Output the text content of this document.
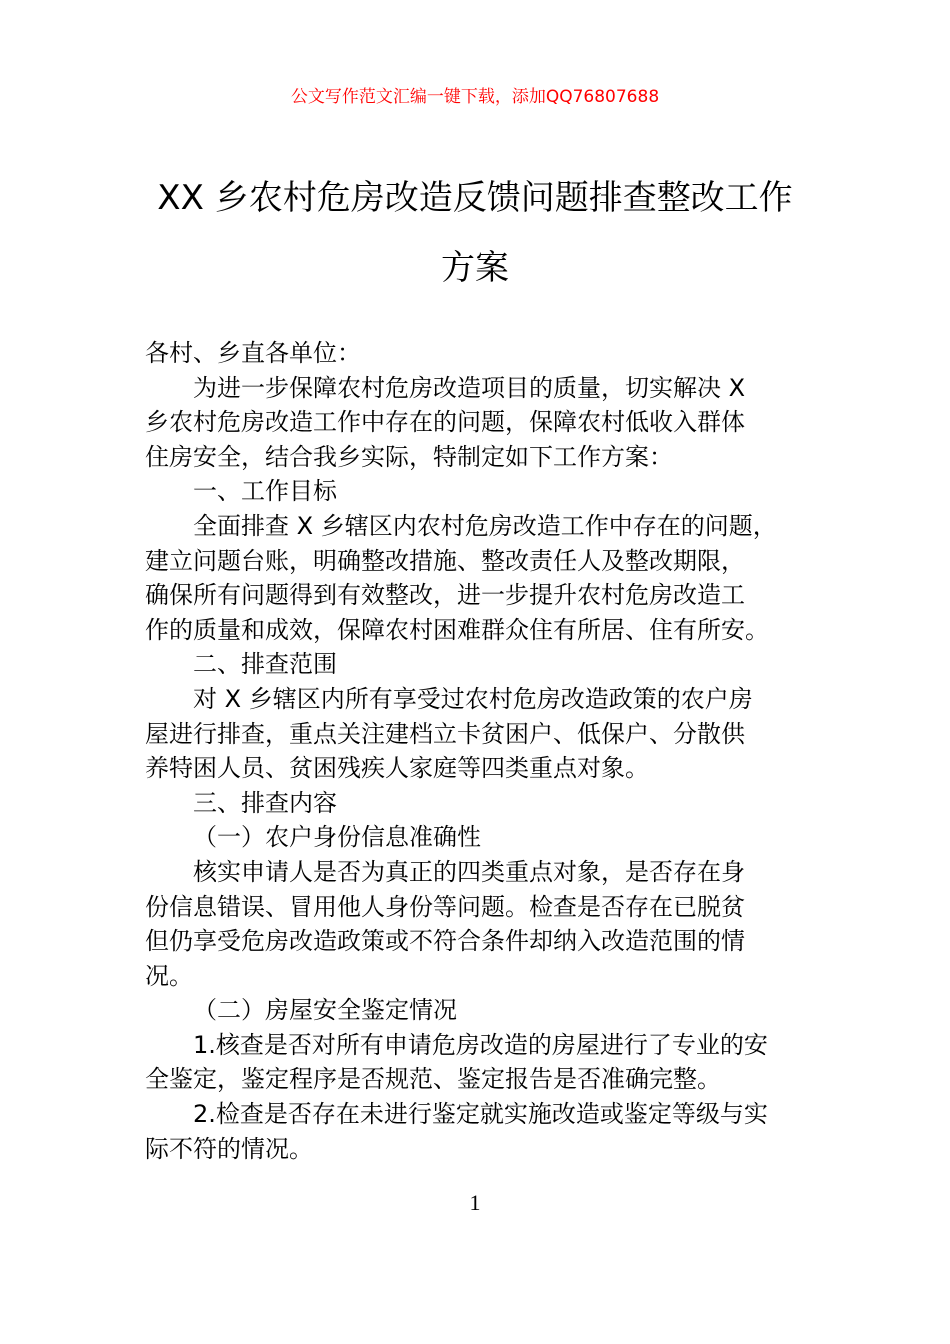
公文写作范文汇编一键下载，添加QQ76807688
XX 乡农村危房改造反馈问题排查整改工作
方案
各村、乡直各单位：
为进一步保障农村危房改造项目的质量，切实解决 X
乡农村危房改造工作中存在的问题，保障农村低收入群体
住房安全，结合我乡实际，特制定如下工作方案：
一、工作目标
全面排查 X 乡辖区内农村危房改造工作中存在的问题，
建立问题台账，明确整改措施、整改责任人及整改期限，
确保所有问题得到有效整改，进一步提升农村危房改造工
作的质量和成效，保障农村困难群众住有所居、住有所安。
二、排查范围
对 X 乡辖区内所有享受过农村危房改造政策的农户房
屋进行排查，重点关注建档立卡贫困户、低保户、分散供
养特困人员、贫困残疾人家庭等四类重点对象。
三、排查内容
（一）农户身份信息准确性
核实申请人是否为真正的四类重点对象，是否存在身
份信息错误、冒用他人身份等问题。检查是否存在已脱贫
但仍享受危房改造政策或不符合条件却纳入改造范围的情
况。
（二）房屋安全鉴定情况
1.核查是否对所有申请危房改造的房屋进行了专业的安
全鉴定，鉴定程序是否规范、鉴定报告是否准确完整。
2.检查是否存在未进行鉴定就实施改造或鉴定等级与实
际不符的情况。
1
